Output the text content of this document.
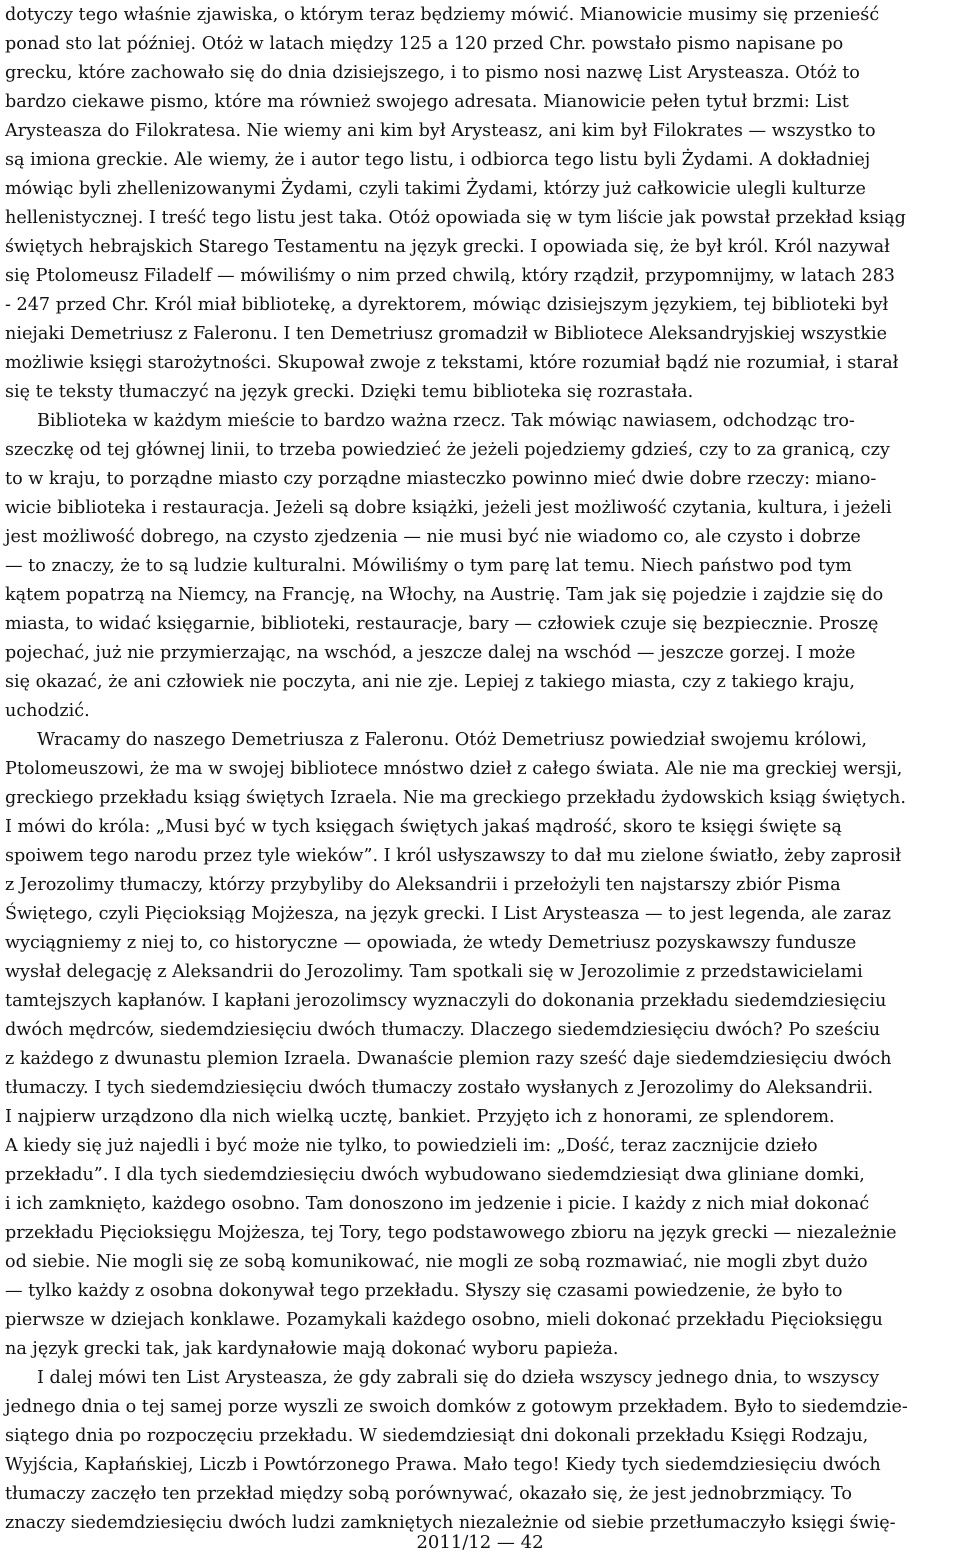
dotyczy tego właśnie zjawiska, o którym teraz będziemy mówić. Mianowicie musimy się przenieść
ponad sto lat później. Otóż w latach między 125 a 120 przed Chr. powstało pismo napisane po
grecku, które zachowało się do dnia dzisiejszego, i to pismo nosi nazwę List Arysteasza. Otóż to
bardzo ciekawe pismo, które ma również swojego adresata. Mianowicie pełen tytuł brzmi: List
Arysteasza do Filokratesa. Nie wiemy ani kim był Arysteasz, ani kim był Filokrates — wszystko to
są imiona greckie. Ale wiemy, że i autor tego listu, i odbiorca tego listu byli Żydami. A dokładniej
mówiąc byli zhellenizowanymi Żydami, czyli takimi Żydami, którzy już całkowicie ulegli kulturze
hellenistycznej. I treść tego listu jest taka. Otóż opowiada się w tym liście jak powstał przekład ksiąg
świętych hebrajskich Starego Testamentu na język grecki. I opowiada się, że był król. Król nazywał
się Ptolomeusz Filadelf — mówiliśmy o nim przed chwilą, który rządził, przypomnijmy, w latach 283
- 247 przed Chr. Król miał bibliotekę, a dyrektorem, mówiąc dzisiejszym językiem, tej biblioteki był
niejaki Demetriusz z Faleronu. I ten Demetriusz gromadził w Bibliotece Aleksandryjskiej wszystkie
możliwie księgi starożytności. Skupował zwoje z tekstami, które rozumiał bądź nie rozumiał, i starał
się te teksty tłumaczyć na język grecki. Dzięki temu biblioteka się rozrastała.
Biblioteka w każdym mieście to bardzo ważna rzecz. Tak mówiąc nawiasem, odchodząc tro-
szeczkę od tej głównej linii, to trzeba powiedzieć że jeżeli pojedziemy gdzieś, czy to za granicą, czy
to w kraju, to porządne miasto czy porządne miasteczko powinno mieć dwie dobre rzeczy: miano-
wicie biblioteka i restauracja. Jeżeli są dobre książki, jeżeli jest możliwość czytania, kultura, i jeżeli
jest możliwość dobrego, na czysto zjedzenia — nie musi być nie wiadomo co, ale czysto i dobrze
— to znaczy, że to są ludzie kulturalni. Mówiliśmy o tym parę lat temu. Niech państwo pod tym
kątem popatrzą na Niemcy, na Francję, na Włochy, na Austrię. Tam jak się pojedzie i zajdzie się do
miasta, to widać księgarnie, biblioteki, restauracje, bary — człowiek czuje się bezpiecznie. Proszę
pojechać, już nie przymierzając, na wschód, a jeszcze dalej na wschód — jeszcze gorzej. I może
się okazać, że ani człowiek nie poczyta, ani nie zje. Lepiej z takiego miasta, czy z takiego kraju,
uchodzić.
Wracamy do naszego Demetriusza z Faleronu. Otóż Demetriusz powiedział swojemu królowi,
Ptolomeuszowi, że ma w swojej bibliotece mnóstwo dzieł z całego świata. Ale nie ma greckiej wersji,
greckiego przekładu ksiąg świętych Izraela. Nie ma greckiego przekładu żydowskich ksiąg świętych.
I mówi do króla: „Musi być w tych księgach świętych jakaś mądrość, skoro te księgi święte są
spoiwem tego narodu przez tyle wieków”. I król usłyszawszy to dał mu zielone światło, żeby zaprosił
z Jerozolimy tłumaczy, którzy przybyliby do Aleksandrii i przełożyli ten najstarszy zbiór Pisma
Świętego, czyli Pięcioksiąg Mojżesza, na język grecki. I List Arysteasza — to jest legenda, ale zaraz
wyciągniemy z niej to, co historyczne — opowiada, że wtedy Demetriusz pozyskawszy fundusze
wysłał delegację z Aleksandrii do Jerozolimy. Tam spotkali się w Jerozolimie z przedstawicielami
tamtejszych kapłanów. I kapłani jerozolimscy wyznaczyli do dokonania przekładu siedemdziesięciu
dwóch mędrców, siedemdziesięciu dwóch tłumaczy. Dlaczego siedemdziesięciu dwóch? Po sześciu
z każdego z dwunastu plemion Izraela. Dwanaście plemion razy sześć daje siedemdziesięciu dwóch
tłumaczy. I tych siedemdziesięciu dwóch tłumaczy zostało wysłanych z Jerozolimy do Aleksandrii.
I najpierw urządzono dla nich wielką ucztę, bankiet. Przyjęto ich z honorami, ze splendorem.
A kiedy się już najedli i być może nie tylko, to powiedzieli im: „Dość, teraz zacznijcie dzieło
przekładu”. I dla tych siedemdziesięciu dwóch wybudowano siedemdziesiąt dwa gliniane domki,
i ich zamknięto, każdego osobno. Tam donoszono im jedzenie i picie. I każdy z nich miał dokonać
przekładu Pięcioksięgu Mojżesza, tej Tory, tego podstawowego zbioru na język grecki — niezależnie
od siebie. Nie mogli się ze sobą komunikować, nie mogli ze sobą rozmawiać, nie mogli zbyt dużo
— tylko każdy z osobna dokonywał tego przekładu. Słyszy się czasami powiedzenie, że było to
pierwsze w dziejach konklawe. Pozamykali każdego osobno, mieli dokonać przekładu Pięcioksięgu
na język grecki tak, jak kardynałowie mają dokonać wyboru papieża.
I dalej mówi ten List Arysteasza, że gdy zabrali się do dzieła wszyscy jednego dnia, to wszyscy
jednego dnia o tej samej porze wyszli ze swoich domków z gotowym przekładem. Było to siedemdzie-
siątego dnia po rozpoczęciu przekładu. W siedemdziesiąt dni dokonali przekładu Księgi Rodzaju,
Wyjścia, Kapłańskiej, Liczb i Powtórzonego Prawa. Mało tego! Kiedy tych siedemdziesięciu dwóch
tłumaczy zaczęło ten przekład między sobą porównywać, okazało się, że jest jednobrzmiący. To
znaczy siedemdziesięciu dwóch ludzi zamkniętych niezależnie od siebie przetłumaczyło księgi świę-
2011/12 — 42
